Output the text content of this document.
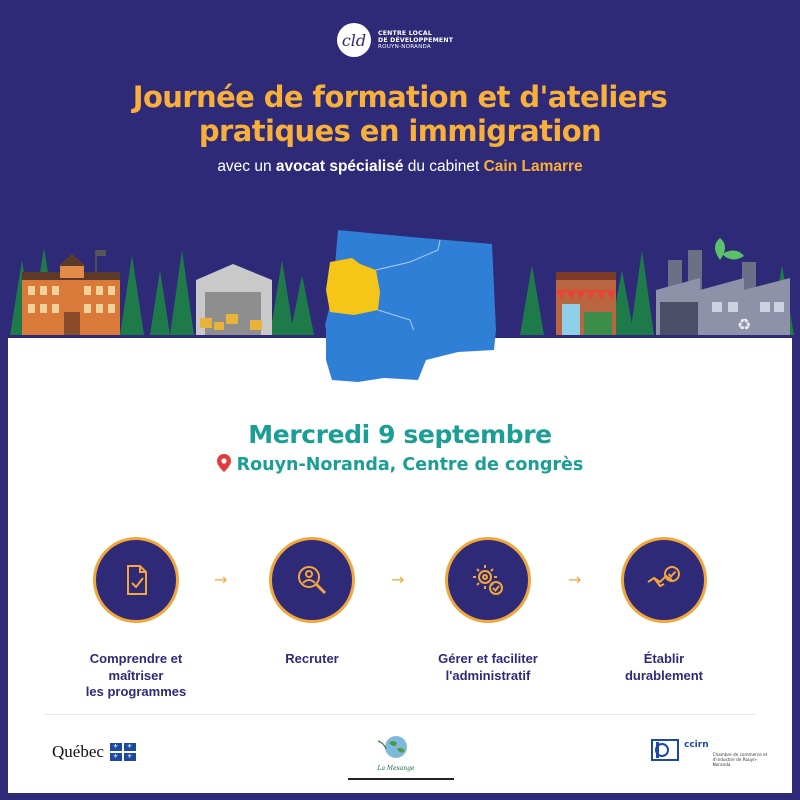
cld CENTRE LOCAL
DE DÉVELOPPEMENT
ROUYN-NORANDA
Journée de formation et d'ateliers
pratiques en immigration
avec un avocat spécialisé du cabinet Cain Lamarre
♻
Mercredi 9 septembre
Rouyn-Noranda, Centre de congrès
Comprendre et
maîtriser
les programmes
→
Recruter
→
Gérer et faciliter
l'administratif
→
Établir
durablement
Québec ⚜ ⚜
⚜ ⚜
La Mesange
ccirn
Chambre de commerce et d'industrie de Rouyn-Noranda
